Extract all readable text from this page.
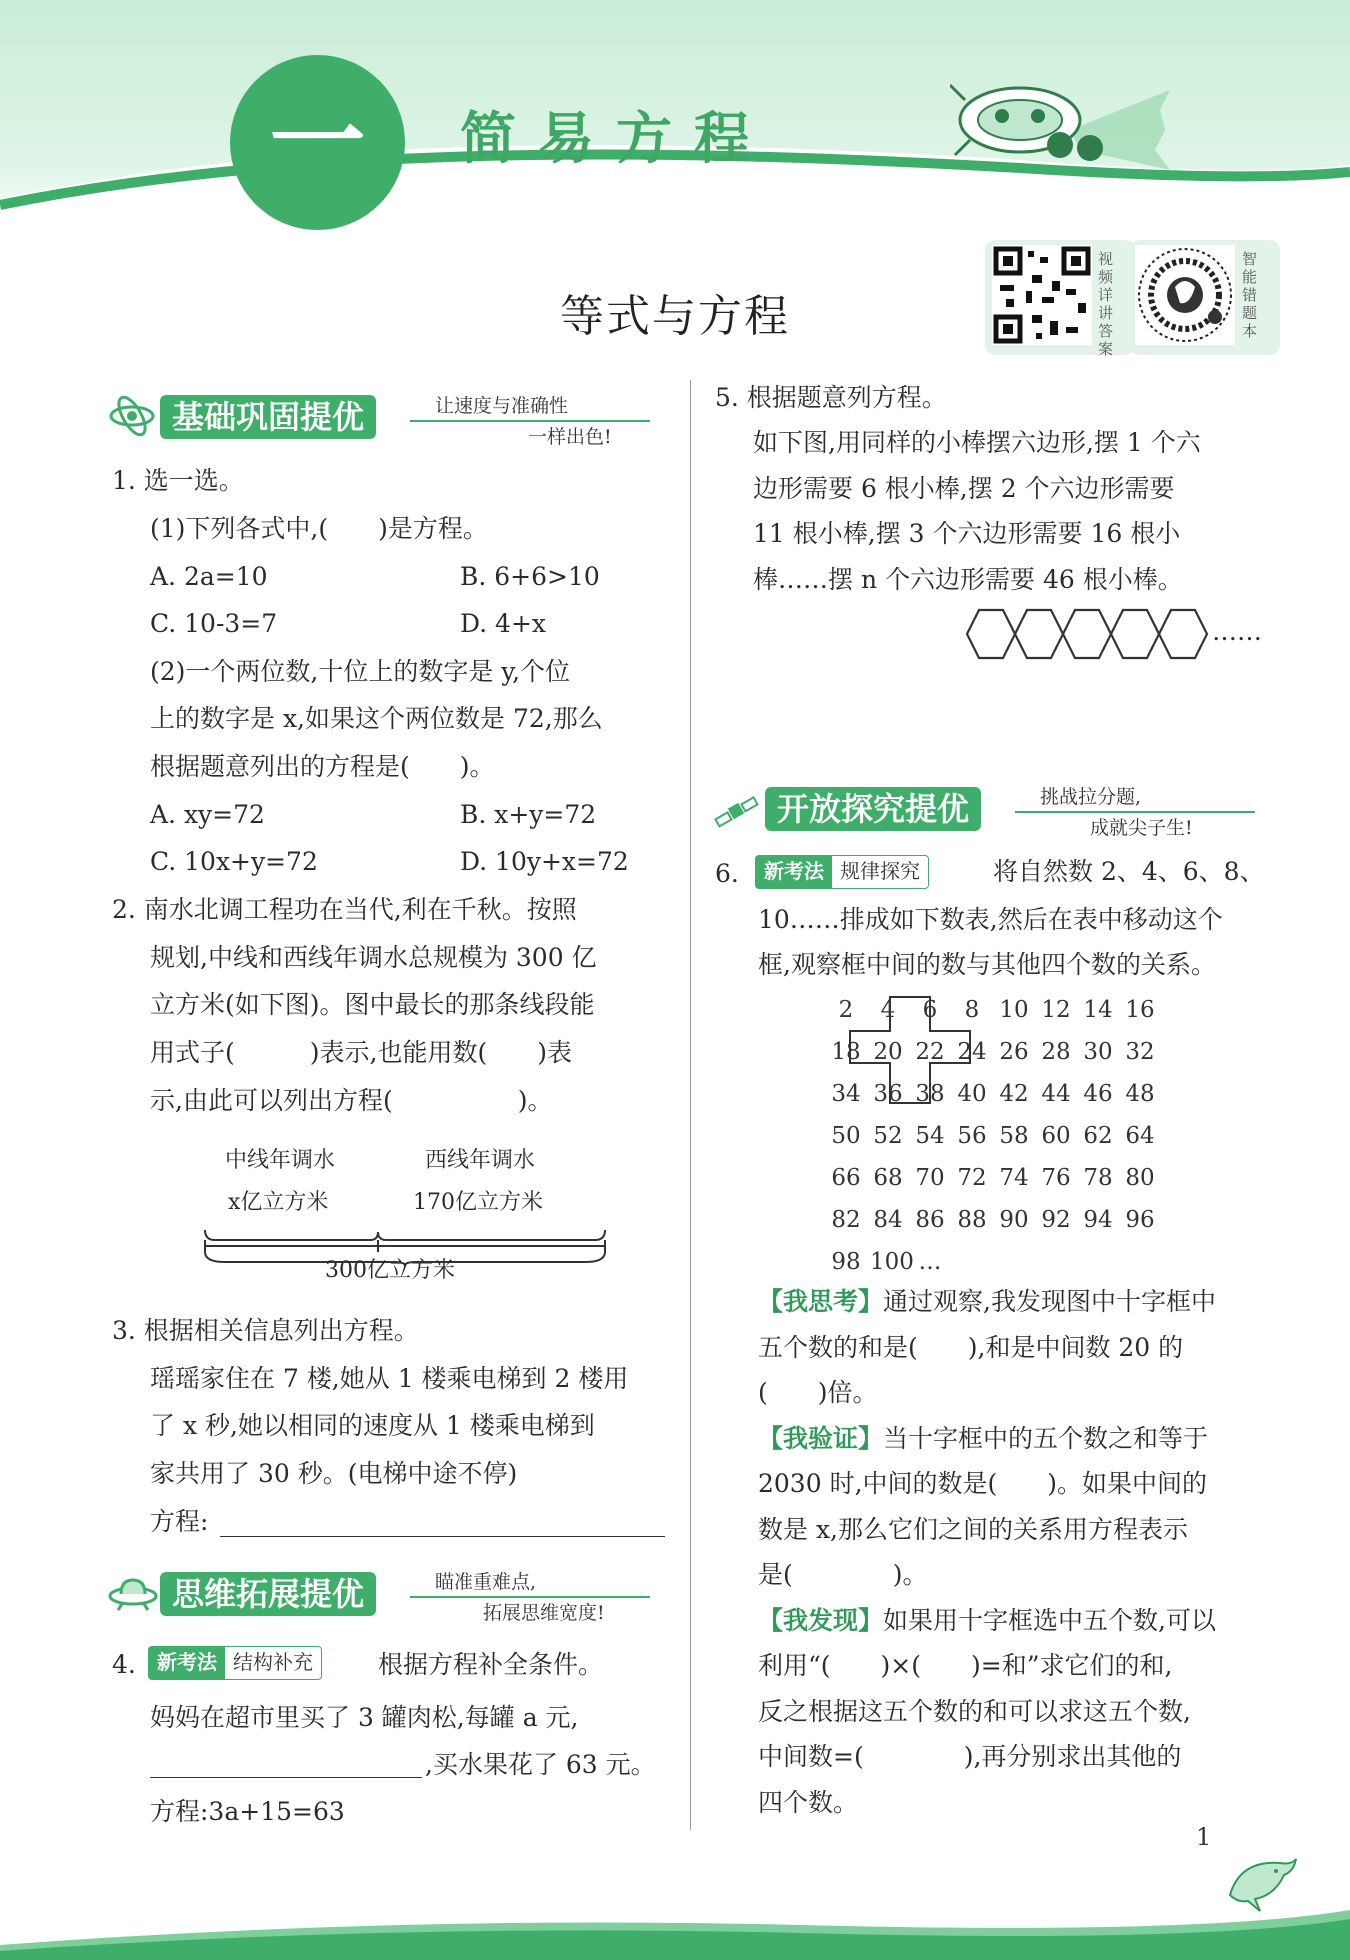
一	简易方程
等式与方程
视频详讲答案
智能错题本
基础巩固提优	让速度与准确性
一样出色!
1. 选一选。
(1)下列各式中,(　　)是方程。
A. 2a=10	B. 6+6>10
C. 10-3=7	D. 4+x
(2)一个两位数,十位上的数字是 y,个位
上的数字是 x,如果这个两位数是 72,那么
根据题意列出的方程是(　　)。
A. xy=72	B. x+y=72
C. 10x+y=72	D. 10y+x=72
2. 南水北调工程功在当代,利在千秋。按照
规划,中线和西线年调水总规模为 300 亿
立方米(如下图)。图中最长的那条线段能
用式子(　　　)表示,也能用数(　　)表
示,由此可以列出方程(　　　　　)。
中线年调水
x亿立方米
西线年调水
170亿立方米
300亿立方米
3. 根据相关信息列出方程。
瑶瑶家住在 7 楼,她从 1 楼乘电梯到 2 楼用
了 x 秒,她以相同的速度从 1 楼乘电梯到
家共用了 30 秒。(电梯中途不停)
方程:
思维拓展提优	瞄准重难点,
拓展思维宽度!
4.	新考法 结构补充	根据方程补全条件。
妈妈在超市里买了 3 罐肉松,每罐 a 元,
,买水果花了 63 元。
方程:3a+15=63
5. 根据题意列方程。
如下图,用同样的小棒摆六边形,摆 1 个六
边形需要 6 根小棒,摆 2 个六边形需要
11 根小棒,摆 3 个六边形需要 16 根小
棒……摆 n 个六边形需要 46 根小棒。
……
开放探究提优	挑战拉分题,
成就尖子生!
6.	新考法 规律探究	将自然数 2、4、6、8、
10……排成如下数表,然后在表中移动这个
框,观察框中间的数与其他四个数的关系。
2	4	6	8 10 12 14 16
18 20 22 24 26 28 30 32
34 36 38 40 42 44 46 48
50 52 54 56 58 60 62 64
66 68 70 72 74 76 78 80
82 84 86 88 90 92 94 96
98 100 …
【我思考】通过观察,我发现图中十字框中
五个数的和是(　　),和是中间数 20 的
(　　)倍。
【我验证】当十字框中的五个数之和等于
2030 时,中间的数是(　　)。如果中间的
数是 x,那么它们之间的关系用方程表示
是(　　　　)。
【我发现】如果用十字框选中五个数,可以
利用“(　　)×(　　)=和”求它们的和,
反之根据这五个数的和可以求这五个数,
中间数=(　　　　),再分别求出其他的
四个数。
1
